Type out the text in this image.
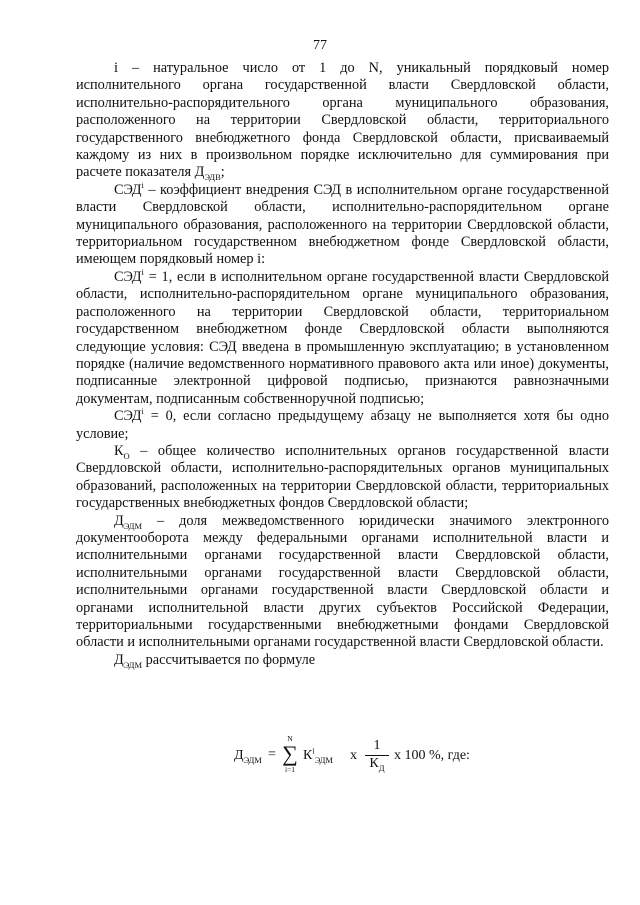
77

i – натуральное число от 1 до N, уникальный порядковый номер исполнительного органа государственной власти Свердловской области, исполнительно-распорядительного органа муниципального образования, расположенного на территории Свердловской области, территориального государственного внебюджетного фонда Свердловской области, присваиваемый каждому из них в произвольном порядке исключительно для суммирования при расчете показателя $Д_{ЭДВ}$;

СЭД$^i$ – коэффициент внедрения СЭД в исполнительном органе государственной власти Свердловской области, исполнительно-распорядительном органе муниципального образования, расположенного на территории Свердловской области, территориальном государственном внебюджетном фонде Свердловской области, имеющем порядковый номер i:

$СЭД^i = 1$, если в исполнительном органе государственной власти Свердловской области, исполнительно-распорядительном органе муниципального образования, расположенного на территории Свердловской области, территориальном государственном внебюджетном фонде Свердловской области выполняются следующие условия: СЭД введена в промышленную эксплуатацию; в установленном порядке (наличие ведомственного нормативного правового акта или иное) документы, подписанные электронной цифровой подписью, признаются равнозначными документам, подписанным собственноручной подписью;

$СЭД^i = 0$, если согласно предыдущему абзацу не выполняется хотя бы одно условие;

$К_О$ – общее количество исполнительных органов государственной власти Свердловской области, исполнительно-распорядительных органов муниципальных образований, расположенных на территории Свердловской области, территориальных государственных внебюджетных фондов Свердловской области;

$Д_{ЭДМ}$ – доля межведомственного юридически значимого электронного документооборота между федеральными органами исполнительной власти и исполнительными органами государственной власти Свердловской области, исполнительными органами государственной власти Свердловской области, исполнительными органами государственной власти Свердловской области и органами исполнительной власти других субъектов Российской Федерации, территориальными государственными внебюджетными фондами Свердловской области и исполнительными органами государственной власти Свердловской области.

$Д_{ЭДМ}$ рассчитывается по формуле

$Д_{ЭДМ}$ =
N
∑
i=1
$К^i_{ЭДМ}$ x
1
$К_Д$
x 100 %, где:
